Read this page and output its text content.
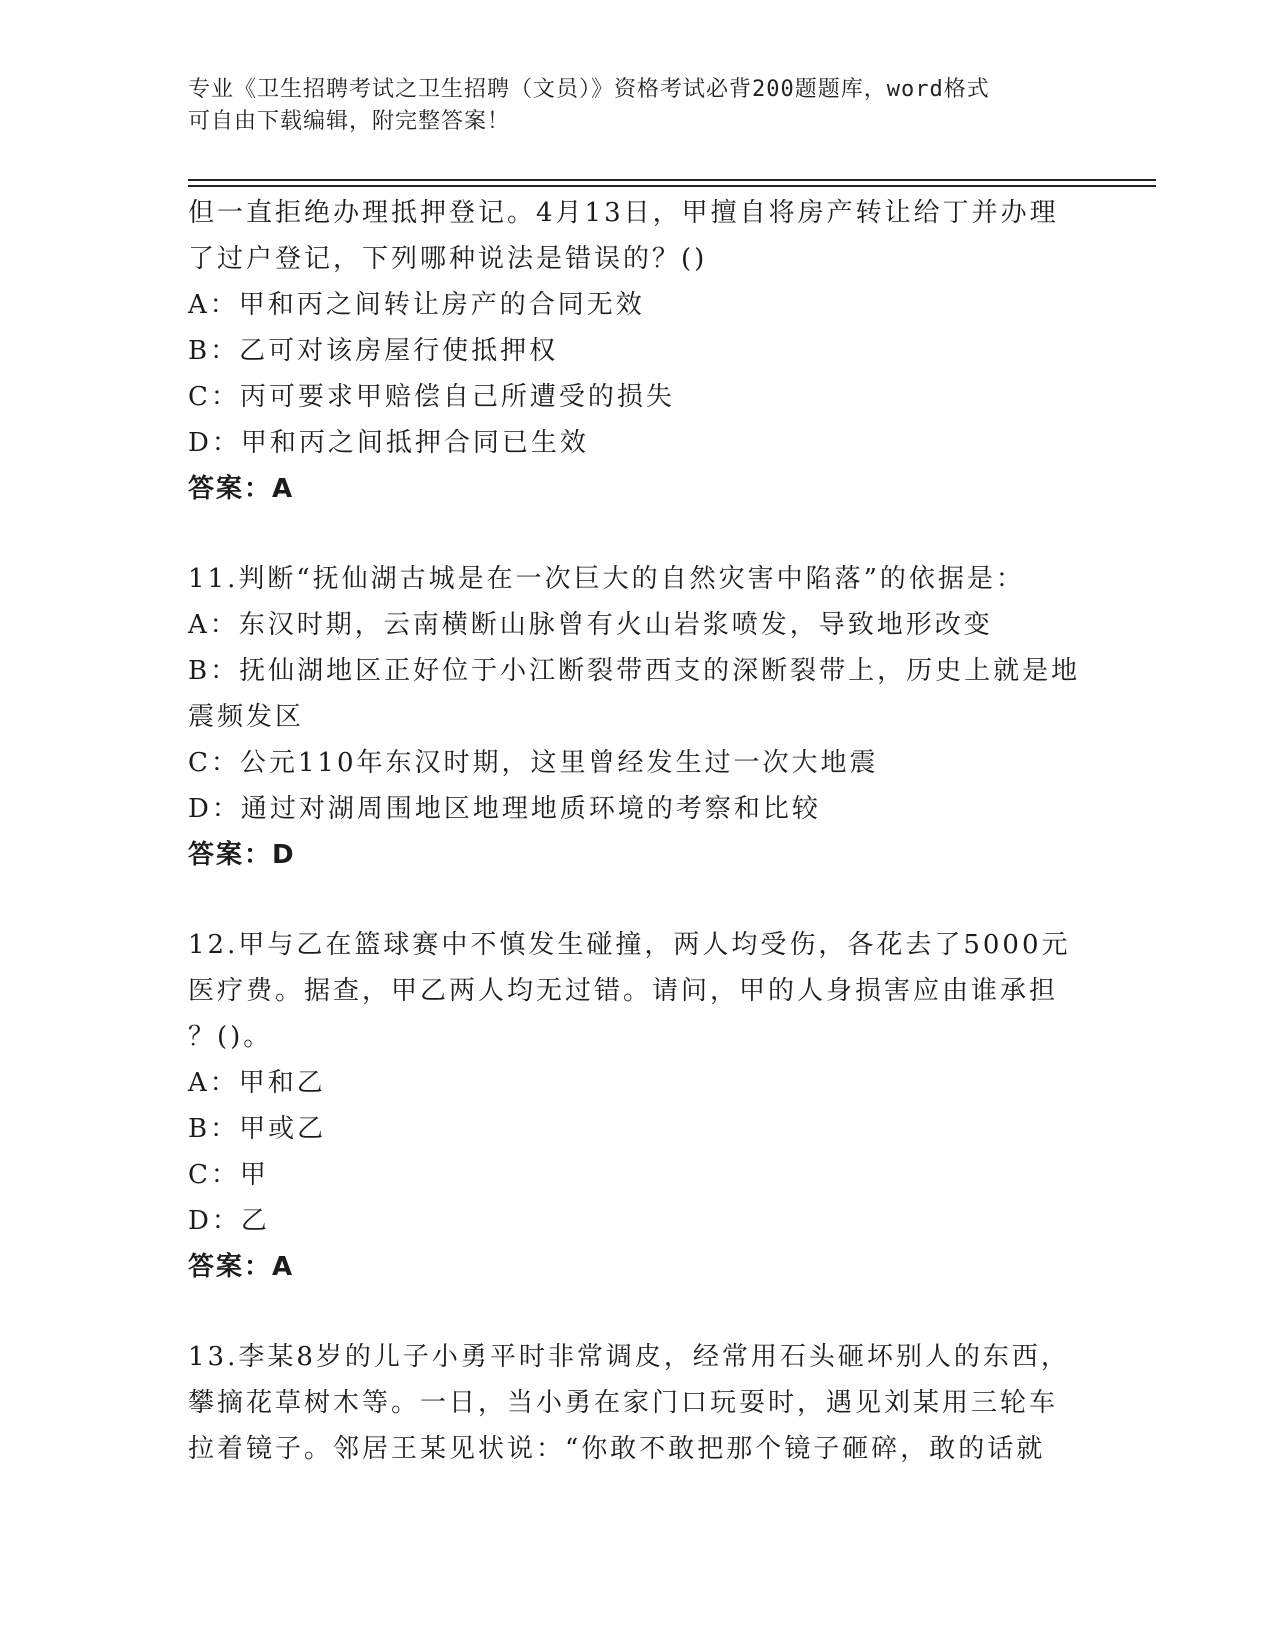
专业《卫生招聘考试之卫生招聘（文员）》资格考试必背200题题库，word格式
可自由下载编辑，附完整答案！
但一直拒绝办理抵押登记。4月13日，甲擅自将房产转让给丁并办理
了过户登记，下列哪种说法是错误的？()
A：甲和丙之间转让房产的合同无效
B：乙可对该房屋行使抵押权
C：丙可要求甲赔偿自己所遭受的损失
D：甲和丙之间抵押合同已生效
答案：A
11.判断“抚仙湖古城是在一次巨大的自然灾害中陷落”的依据是：
A：东汉时期，云南横断山脉曾有火山岩浆喷发，导致地形改变
B：抚仙湖地区正好位于小江断裂带西支的深断裂带上，历史上就是地
震频发区
C：公元110年东汉时期，这里曾经发生过一次大地震
D：通过对湖周围地区地理地质环境的考察和比较
答案：D
12.甲与乙在篮球赛中不慎发生碰撞，两人均受伤，各花去了5000元
医疗费。据查，甲乙两人均无过错。请问，甲的人身损害应由谁承担
？()。
A：甲和乙
B：甲或乙
C：甲
D：乙
答案：A
13.李某8岁的儿子小勇平时非常调皮，经常用石头砸坏别人的东西，
攀摘花草树木等。一日，当小勇在家门口玩耍时，遇见刘某用三轮车
拉着镜子。邻居王某见状说：“你敢不敢把那个镜子砸碎，敢的话就
